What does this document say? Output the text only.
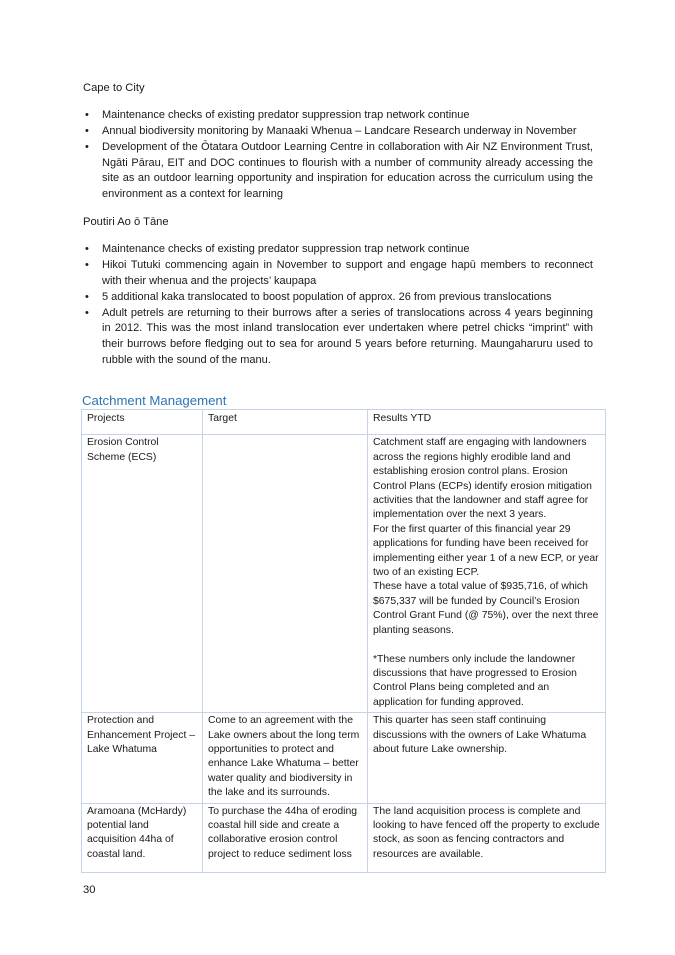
Cape to City
• Maintenance checks of existing predator suppression trap network continue
• Annual biodiversity monitoring by Manaaki Whenua – Landcare Research underway in November
• Development of the Ōtatara Outdoor Learning Centre in collaboration with Air NZ Environment Trust, Ngāti Pārau, EIT and DOC continues to flourish with a number of community already accessing the site as an outdoor learning opportunity and inspiration for education across the curriculum using the environment as a context for learning
Poutiri Ao ō Tāne
• Maintenance checks of existing predator suppression trap network continue
• Hikoi Tutuki commencing again in November to support and engage hapū members to reconnect with their whenua and the projects’ kaupapa
• 5 additional kaka translocated to boost population of approx. 26 from previous translocations
• Adult petrels are returning to their burrows after a series of translocations across 4 years beginning in 2012. This was the most inland translocation ever undertaken where petrel chicks “imprint” with their burrows before fledging out to sea for around 5 years before returning. Maungaharuru used to rubble with the sound of the manu.
Catchment Management
Projects	Target	Results YTD

Erosion Control Scheme (ECS)		Catchment staff are engaging with landowners across the regions highly erodible land and establishing erosion control plans. Erosion Control Plans (ECPs) identify erosion mitigation activities that the landowner and staff agree for implementation over the next 3 years.
For the first quarter of this financial year 29 applications for funding have been received for implementing either year 1 of a new ECP, or year two of an existing ECP.
These have a total value of $935,716, of which $675,337 will be funded by Council’s Erosion Control Grant Fund (@ 75%), over the next three planting seasons.

*These numbers only include the landowner discussions that have progressed to Erosion Control Plans being completed and an application for funding approved.

Protection and Enhancement Project – Lake Whatuma	Come to an agreement with the Lake owners about the long term opportunities to protect and enhance Lake Whatuma – better water quality and biodiversity in the lake and its surrounds.	This quarter has seen staff continuing discussions with the owners of Lake Whatuma about future Lake ownership.

Aramoana (McHardy) potential land acquisition 44ha of coastal land.	To purchase the 44ha of eroding coastal hill side and create a collaborative erosion control project to reduce sediment loss	The land acquisition process is complete and looking to have fenced off the property to exclude stock, as soon as fencing contractors and resources are available.

30
